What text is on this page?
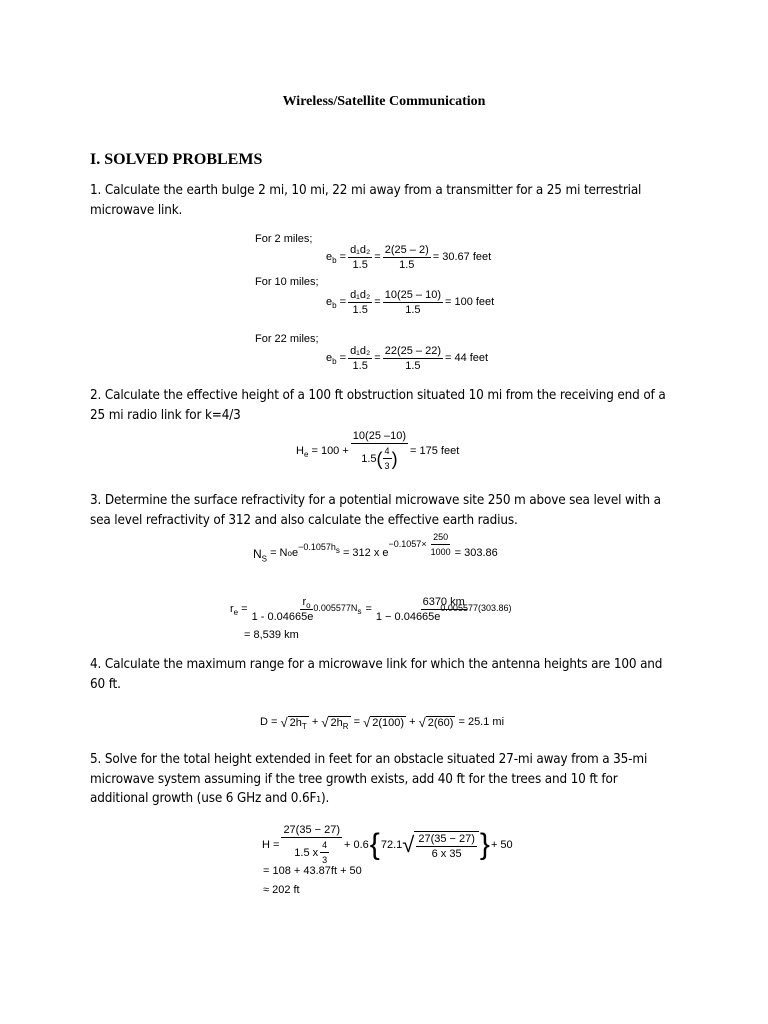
Wireless/Satellite Communication
I. SOLVED PROBLEMS
1. Calculate the earth bulge 2 mi, 10 mi, 22 mi away from a transmitter for a 25 mi terrestrial
microwave link.
For 2 miles;
$e_b = \frac{\text{d₁d₂}}{1.5} = \frac{2(25 - 2)}{1.5} = 30.67$ feet
For 10 miles;
$e_b = \frac{\text{d₁d₂}}{1.5} = \frac{10(25 - 10)}{1.5} = 100$ feet
For 22 miles;
$e_b = \frac{\text{d₁d₂}}{1.5} = \frac{22(25 - 22)}{1.5} = 44$ feet
2. Calculate the effective height of a 100 ft obstruction situated 10 mi from the receiving end of a
25 mi radio link for k=4/3
$H_e$
= $100 + \frac{10(25 -10)}{1.5 ( \frac{4}{3} )} = 175$ feet
3. Determine the surface refractivity for a potential microwave site 250 m above sea level with a
sea level refractivity of 312 and also calculate the effective earth radius.
$N_S$
= N o e
$^{-0.1057h_s}$
= 312 x e
$-0.1057\times \frac{250}{1000} = 303.86$
$r_e = \frac{r_o}{1 - 0.04665e^{0.005577N_s}} = \frac{6370 km}{1 - 0.04665e^{0.005577(303.86)}}$
= 8,539 km
4. Calculate the maximum range for a microwave link for which the antenna heights are 100 and
60 ft.
D =
√ $2h_T$
+
√ $2h_R$
=
√ 2(100)
+
√ 2(60)
= 25.1 mi
5. Solve for the total height extended in feet for an obstacle situated 27-mi away from a 35-mi
microwave system assuming if the tree growth exists, add 40 ft for the trees and 10 ft for
additional growth (use 6 GHz and 0.6F₁).
$H = \frac{27(35 - 27)}{1.5 x \frac{4}{3}} + 0.6$ { 72.1 √ $\frac{27(35 - 27)}{6 x 35}$ } + 50
= 108 + 43.87ft + 50
≈ 202 ft
